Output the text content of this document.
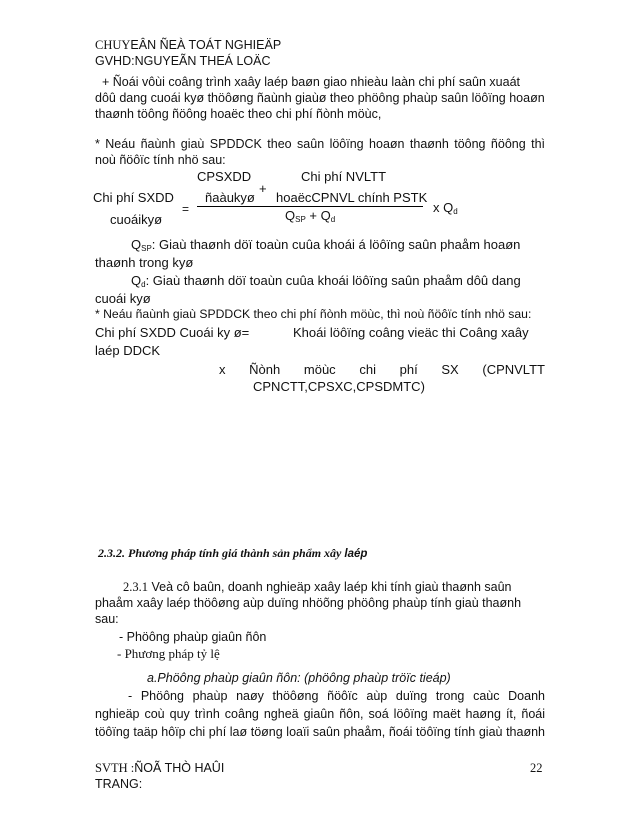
CHUYEÂN ÑEÀ TOÁT NGHIEÄP
GVHD:NGUYEÃN THEÁ LOÄC
+ Ñoái vôùi coâng trình xaây laép baøn giao nhieàu laàn chi phí saûn xuaát
dôû dang cuoái kyø thöôøng ñaùnh giaùø theo phöông phaùp saûn löôïng hoaøn
thaønh töông ñöông hoaëc theo chi phí ñònh möùc,
* Neáu ñaùnh giaù SPDDCK theo saûn löôïng hoaøn thaønh töông ñöông thì
noù ñöôïc tính nhö sau:
CPSXDD
ñaàukyø
+
Chi phí NVLTT
hoaëcCPNVL chính PSTK
Chi phí SXDD
cuoáikyø
=	$Q_{SP} + Q_d$
x $Q_d$
$Q_{SP}$: Giaù thaønh döï toaùn cuûa khoái á löôïng saûn phaåm hoaøn
thaønh trong kyø
$Q_d$: Giaù thaønh döï toaùn cuûa khoái löôïng saûn phaåm dôû dang
cuoái kyø
* Neáu ñaùnh giaù SPDDCK theo chi phí ñònh möùc, thì noù ñöôïc tính nhö sau:
Chi phí SXDD Cuoái ky ø=	Khoái löôïng coâng vieäc thi Coâng xaây
laép DDCK
x Ñònh möùc chi phí SX (CPNVLTT
CPNCTT,CPSXC,CPSDMTC)
2.3.2. Phương pháp tính giá thành sản phẩm xây laép
2.3.1 Veà cô baûn, doanh nghieäp xaây laép khi tính giaù thaønh saûn
phaåm xaây laép thöôøng aùp duïng nhöõng phöông phaùp tính giaù thaønh
sau:
- Phöông phaùp giaûn ñôn
- Phương pháp tỷ lệ
a.Phöông phaùp giaûn ñôn: (phöông phaùp tröïc tieáp)
- Phöông phaùp naøy thöôøng ñöôïc aùp duïng trong caùc Doanh
nghieäp coù quy trình coâng ngheä giaûn ñôn, soá löôïng maët haøng ít, ñoái
töôïng taäp hôïp chi phí laø töøng loaïi saûn phaåm, ñoái töôïng tính giaù thaønh
SVTH :ÑOÃ THÒ HAÛI	22
TRANG:
